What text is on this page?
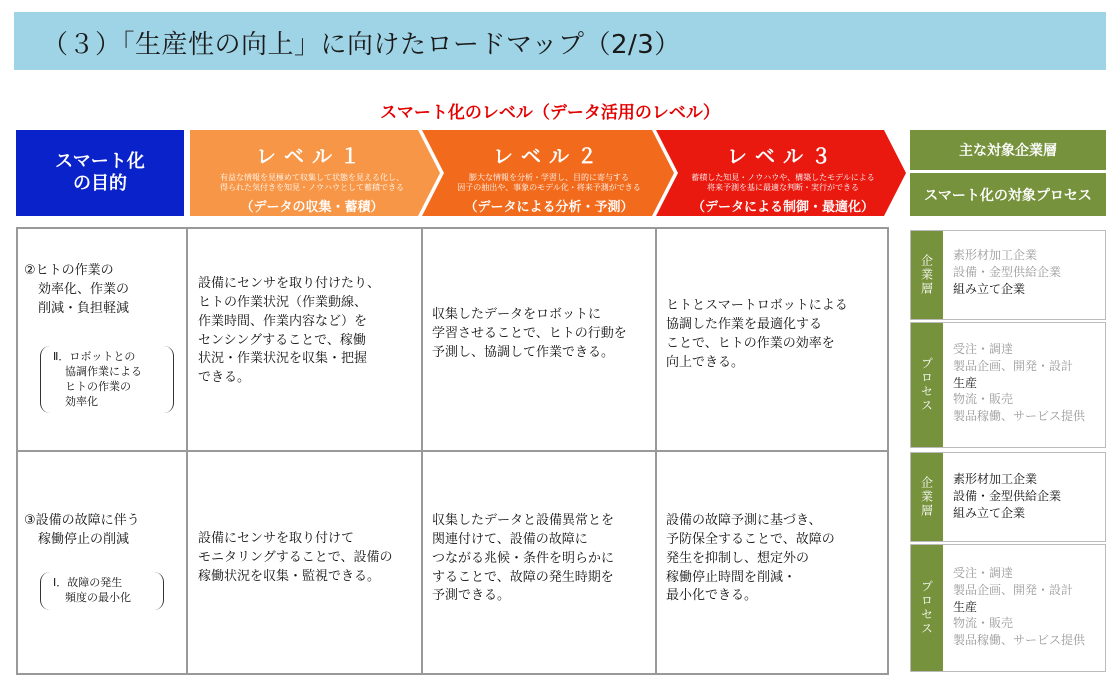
（３）「生産性の向上」に向けたロードマップ（2/3）
スマート化のレベル（データ活用のレベル）
スマート化
の目的
レベル１
有益な情報を見極めて収集して状態を見える化し、
得られた気付きを知見・ノウハウとして蓄積できる
（データの収集・蓄積）
レベル２
膨大な情報を分析・学習し、目的に寄与する
因子の抽出や、事象のモデル化・将来予測ができる
（データによる分析・予測）
レベル３
蓄積した知見・ノウハウや、構築したモデルによる
将来予測を基に最適な判断・実行ができる
（データによる制御・最適化）
主な対象企業層
スマート化の対象プロセス
②ヒトの作業の
効率化、作業の
削減・負担軽減
Ⅱ．ロボットとの
協調作業による
ヒトの作業の
効率化
設備にセンサを取り付けたり、
ヒトの作業状況（作業動線、
作業時間、作業内容など）を
センシングすることで、稼働
状況・作業状況を収集・把握
できる。
収集したデータをロボットに
学習させることで、ヒトの行動を
予測し、協調して作業できる。
ヒトとスマートロボットによる
協調した作業を最適化する
ことで、ヒトの作業の効率を
向上できる。
③設備の故障に伴う
稼働停止の削減
Ⅰ．故障の発生
頻度の最小化
設備にセンサを取り付けて
モニタリングすることで、設備の
稼働状況を収集・監視できる。
収集したデータと設備異常とを
関連付けて、設備の故障に
つながる兆候・条件を明らかに
することで、故障の発生時期を
予測できる。
設備の故障予測に基づき、
予防保全することで、故障の
発生を抑制し、想定外の
稼働停止時間を削減・
最小化できる。
企業層	素形材加工企業
設備・金型供給企業
組み立て企業
プロセス
受注・調達
製品企画、開発・設計
生産
物流・販売
製品稼働、サービス提供
企業層	素形材加工企業
設備・金型供給企業
組み立て企業
プロセス
受注・調達
製品企画、開発・設計
生産
物流・販売
製品稼働、サービス提供
